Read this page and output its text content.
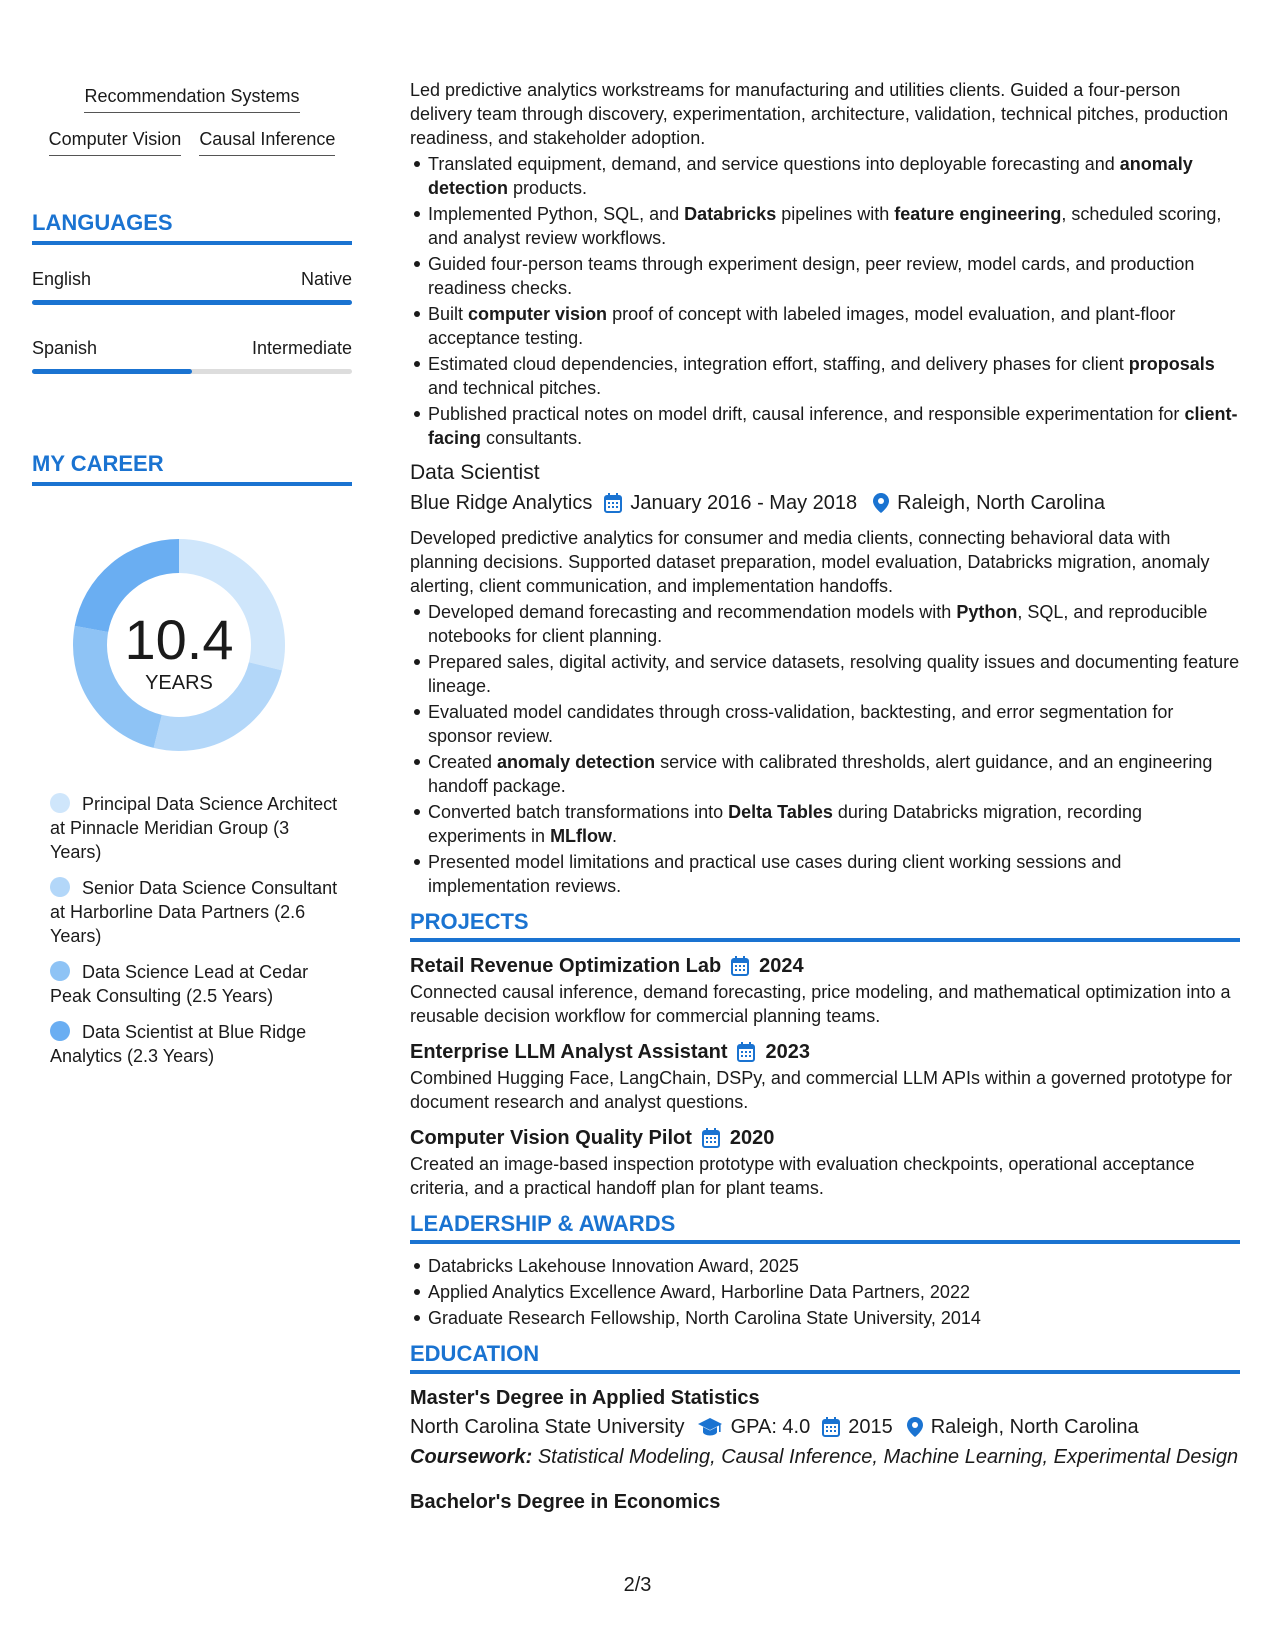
Recommendation Systems
Computer Vision Causal Inference
LANGUAGES
English	Native
Spanish	Intermediate
MY CAREER
10.4
YEARS
Principal Data Science Architect at Pinnacle Meridian Group (3 Years)
Senior Data Science Consultant at Harborline Data Partners (2.6 Years)
Data Science Lead at Cedar Peak Consulting (2.5 Years)
Data Scientist at Blue Ridge Analytics (2.3 Years)

Led predictive analytics workstreams for manufacturing and utilities clients. Guided a four-person delivery team through discovery, experimentation, architecture, validation, technical pitches, production readiness, and stakeholder adoption.

Translated equipment, demand, and service questions into deployable forecasting and anomaly detection products.
Implemented Python, SQL, and Databricks pipelines with feature engineering, scheduled scoring, and analyst review workflows.
Guided four-person teams through experiment design, peer review, model cards, and production readiness checks.
Built computer vision proof of concept with labeled images, model evaluation, and plant-floor acceptance testing.
Estimated cloud dependencies, integration effort, staffing, and delivery phases for client proposals and technical pitches.
Published practical notes on model drift, causal inference, and responsible experimentation for client-facing consultants.
Data Scientist
Blue Ridge Analytics January 2016 - May 2018 Raleigh, North Carolina

Developed predictive analytics for consumer and media clients, connecting behavioral data with planning decisions. Supported dataset preparation, model evaluation, Databricks migration, anomaly alerting, client communication, and implementation handoffs.

Developed demand forecasting and recommendation models with Python, SQL, and reproducible notebooks for client planning.
Prepared sales, digital activity, and service datasets, resolving quality issues and documenting feature lineage.
Evaluated model candidates through cross-validation, backtesting, and error segmentation for sponsor review.
Created anomaly detection service with calibrated thresholds, alert guidance, and an engineering handoff package.
Converted batch transformations into Delta Tables during Databricks migration, recording experiments in MLflow.
Presented model limitations and practical use cases during client working sessions and implementation reviews.
PROJECTS
Retail Revenue Optimization Lab 2024

Connected causal inference, demand forecasting, price modeling, and mathematical optimization into a reusable decision workflow for commercial planning teams.

Enterprise LLM Analyst Assistant 2023

Combined Hugging Face, LangChain, DSPy, and commercial LLM APIs within a governed prototype for document research and analyst questions.

Computer Vision Quality Pilot 2020

Created an image-based inspection prototype with evaluation checkpoints, operational acceptance criteria, and a practical handoff plan for plant teams.

LEADERSHIP & AWARDS
Databricks Lakehouse Innovation Award, 2025
Applied Analytics Excellence Award, Harborline Data Partners, 2022
Graduate Research Fellowship, North Carolina State University, 2014
EDUCATION
Master's Degree in Applied Statistics
North Carolina State University GPA: 4.0 2015 Raleigh, North Carolina
Coursework: Statistical Modeling, Causal Inference, Machine Learning, Experimental Design
Bachelor's Degree in Economics
2/3
